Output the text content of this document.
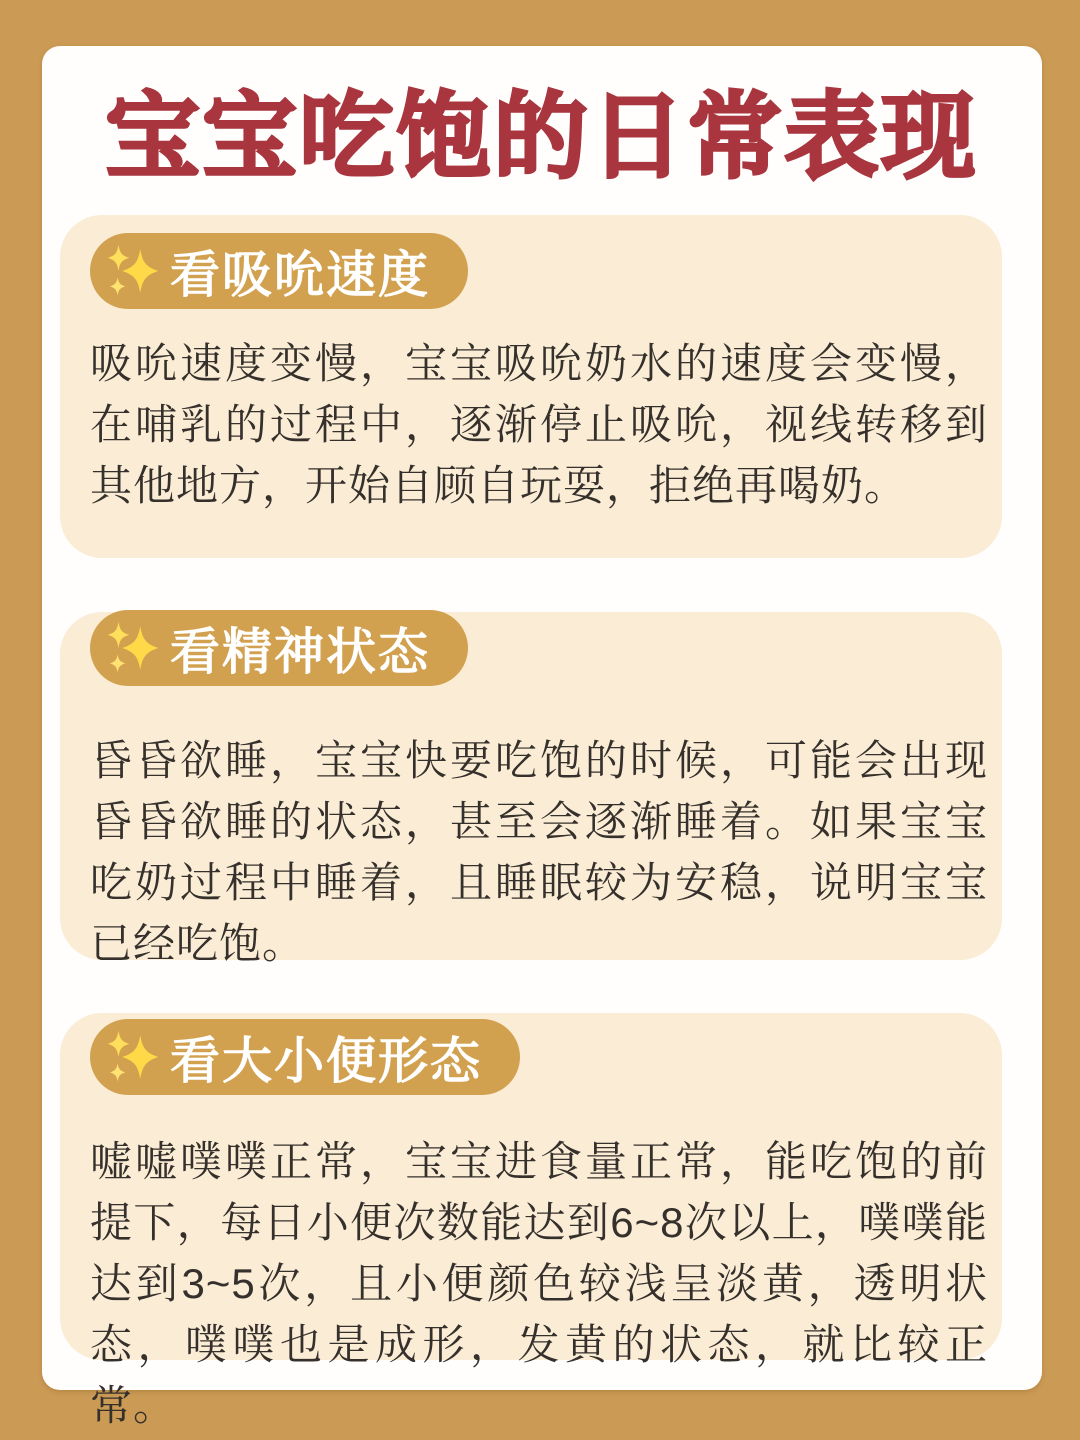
宝宝吃饱的日常表现
看吸吮速度
吸吮速度变慢，宝宝吸吮奶水的速度会变慢，在哺乳的过程中，逐渐停止吸吮，视线转移到其他地方，开始自顾自玩耍，拒绝再喝奶。
看精神状态
昏昏欲睡，宝宝快要吃饱的时候，可能会出现昏昏欲睡的状态，甚至会逐渐睡着。如果宝宝吃奶过程中睡着，且睡眠较为安稳，说明宝宝已经吃饱。
看大小便形态
嘘嘘噗噗正常，宝宝进食量正常，能吃饱的前提下，每日小便次数能达到6~8次以上，噗噗能达到3~5次，且小便颜色较浅呈淡黄，透明状态，噗噗也是成形，发黄的状态，就比较正常。
